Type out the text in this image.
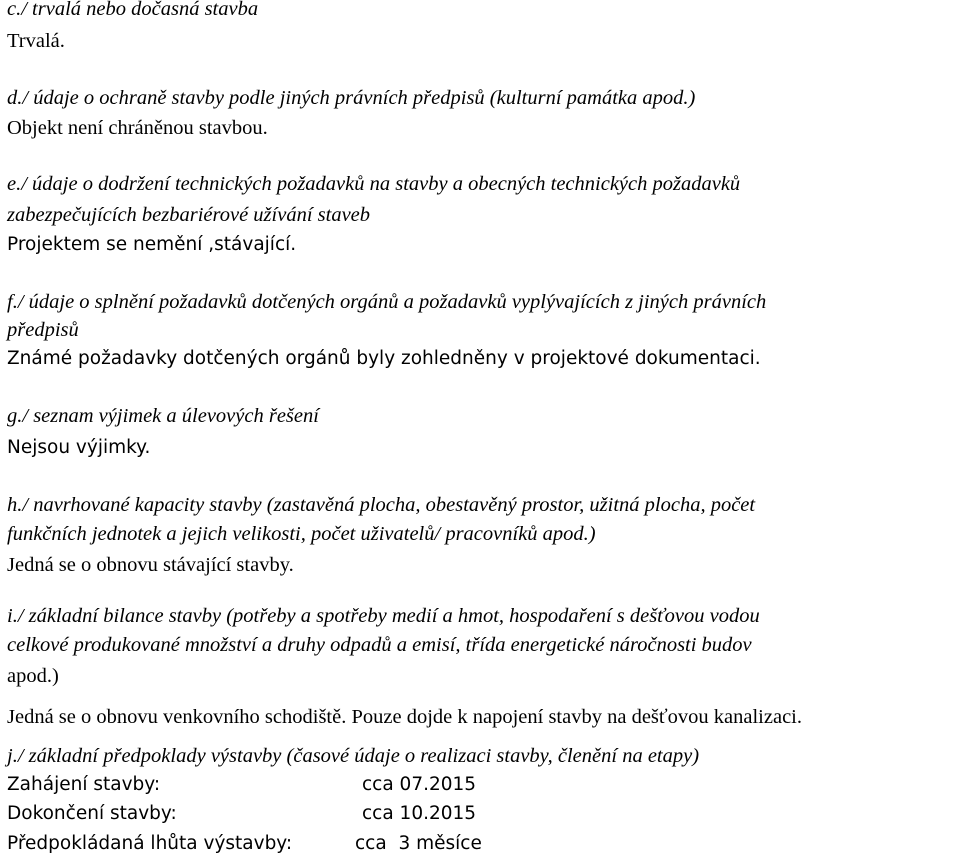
c./ trvalá nebo dočasná stavba
Trvalá.
d./ údaje o ochraně stavby podle jiných právních předpisů (kulturní památka apod.)
Objekt není chráněnou stavbou.
e./ údaje o dodržení technických požadavků na stavby a obecných technických požadavků
zabezpečujících bezbariérové užívání staveb
Projektem se nemění ,stávající.
f./ údaje o splnění požadavků dotčených orgánů a požadavků vyplývajících z jiných právních
předpisů
Známé požadavky dotčených orgánů byly zohledněny v projektové dokumentaci.
g./ seznam výjimek a úlevových řešení
Nejsou výjimky.
h./ navrhované kapacity stavby (zastavěná plocha, obestavěný prostor, užitná plocha, počet
funkčních jednotek a jejich velikosti, počet uživatelů/ pracovníků apod.)
Jedná se o obnovu stávající stavby.
i./ základní bilance stavby (potřeby a spotřeby medií a hmot, hospodaření s dešťovou vodou
celkové produkované množství a druhy odpadů a emisí, třída energetické náročnosti budov
apod.)
Jedná se o obnovu venkovního schodiště. Pouze dojde k napojení stavby na dešťovou kanalizaci.
j./ základní předpoklady výstavby (časové údaje o realizaci stavby, členění na etapy)
Zahájení stavby:	cca 07.2015
Dokončení stavby:	cca 10.2015
Předpokládaná lhůta výstavby:	cca  3 měsíce
